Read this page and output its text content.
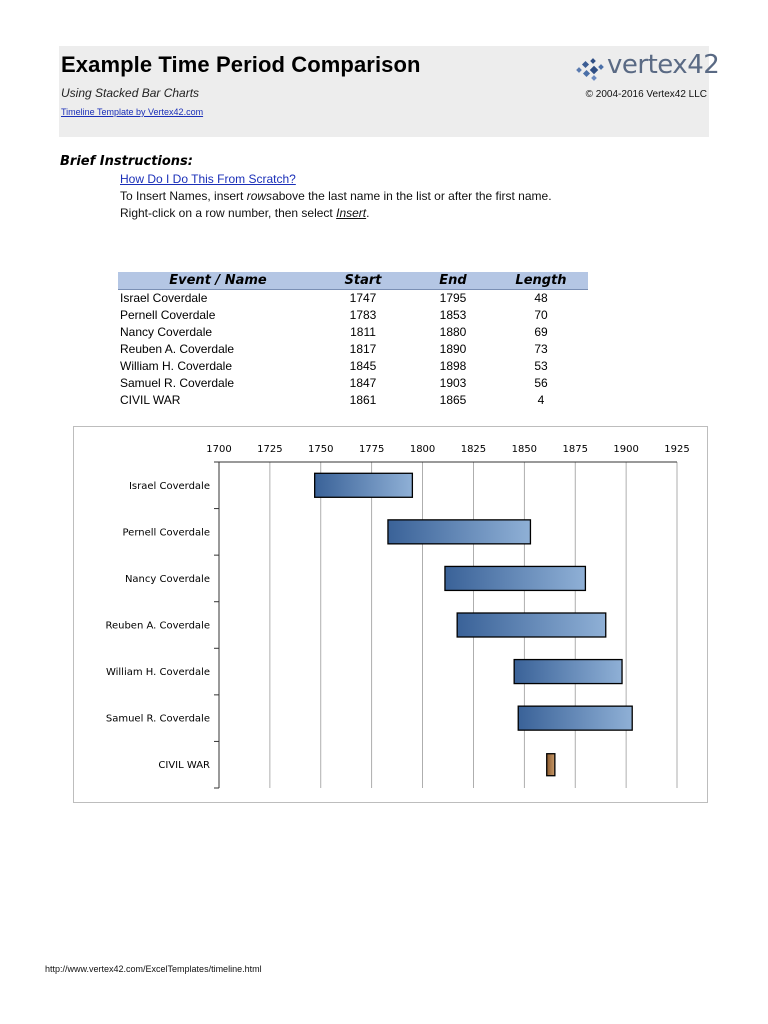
Example Time Period Comparison
Using Stacked Bar Charts
Timeline Template by Vertex42.com
vertex42
© 2004-2016 Vertex42 LLC
Brief Instructions:
How Do I Do This From Scratch?
To Insert Names, insert rowsabove the last name in the list or after the first name.
Right-click on a row number, then select Insert.
Event / Name	Start	End	Length
Israel Coverdale	1747	1795	48
Pernell Coverdale	1783	1853	70
Nancy Coverdale	1811	1880	69
Reuben A. Coverdale	1817	1890	73
William H. Coverdale	1845	1898	53
Samuel R. Coverdale	1847	1903	56
CIVIL WAR	1861	1865	4
1700	1725	1750	1775	1800	1825	1850	1875	1900	1925
Israel Coverdale
Pernell Coverdale
Nancy Coverdale
Reuben A. Coverdale
William H. Coverdale
Samuel R. Coverdale
CIVIL WAR
http://www.vertex42.com/ExcelTemplates/timeline.html
